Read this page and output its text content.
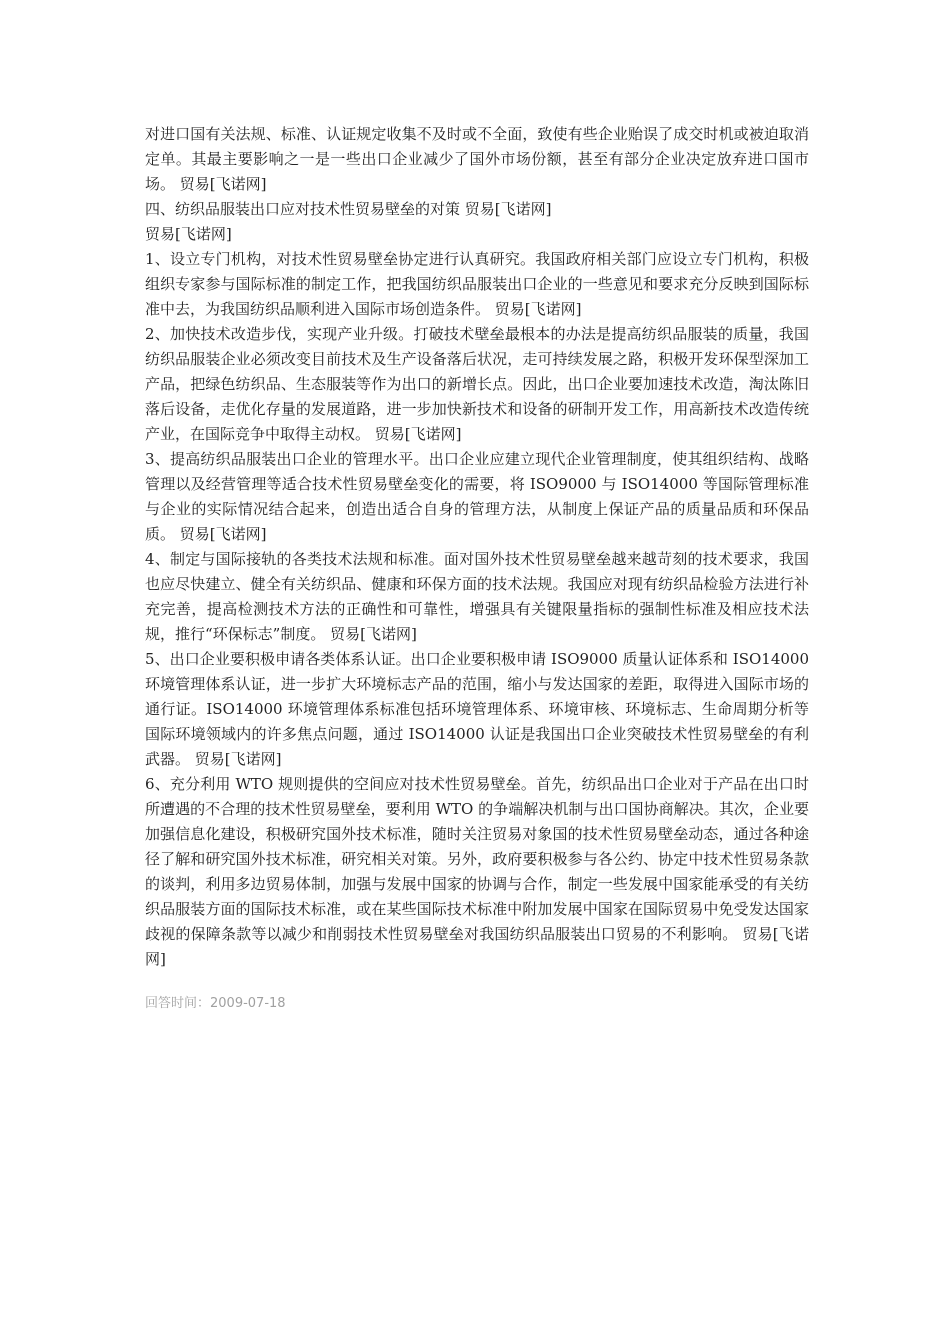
对进口国有关法规、标准、认证规定收集不及时或不全面，致使有些企业贻误了成交时机或被迫取消定单。其最主要影响之一是一些出口企业减少了国外市场份额，甚至有部分企业决定放弃进口国市场。 贸易[飞诺网]

四、纺织品服装出口应对技术性贸易壁垒的对策 贸易[飞诺网]

贸易[飞诺网]

1、设立专门机构，对技术性贸易壁垒协定进行认真研究。我国政府相关部门应设立专门机构，积极组织专家参与国际标准的制定工作，把我国纺织品服装出口企业的一些意见和要求充分反映到国际标准中去，为我国纺织品顺利进入国际市场创造条件。 贸易[飞诺网]

2、加快技术改造步伐，实现产业升级。打破技术壁垒最根本的办法是提高纺织品服装的质量，我国纺织品服装企业必须改变目前技术及生产设备落后状况，走可持续发展之路，积极开发环保型深加工产品，把绿色纺织品、生态服装等作为出口的新增长点。因此，出口企业要加速技术改造，淘汰陈旧落后设备，走优化存量的发展道路，进一步加快新技术和设备的研制开发工作，用高新技术改造传统产业，在国际竞争中取得主动权。 贸易[飞诺网]

3、提高纺织品服装出口企业的管理水平。出口企业应建立现代企业管理制度，使其组织结构、战略管理以及经营管理等适合技术性贸易壁垒变化的需要，将 ISO9000 与 ISO14000 等国际管理标准与企业的实际情况结合起来，创造出适合自身的管理方法，从制度上保证产品的质量品质和环保品质。 贸易[飞诺网]

4、制定与国际接轨的各类技术法规和标准。面对国外技术性贸易壁垒越来越苛刻的技术要求，我国也应尽快建立、健全有关纺织品、健康和环保方面的技术法规。我国应对现有纺织品检验方法进行补充完善，提高检测技术方法的正确性和可靠性，增强具有关键限量指标的强制性标准及相应技术法规，推行“环保标志”制度。 贸易[飞诺网]

5、出口企业要积极申请各类体系认证。出口企业要积极申请 ISO9000 质量认证体系和 ISO14000 环境管理体系认证，进一步扩大环境标志产品的范围，缩小与发达国家的差距，取得进入国际市场的通行证。ISO14000 环境管理体系标准包括环境管理体系、环境审核、环境标志、生命周期分析等国际环境领域内的许多焦点问题，通过 ISO14000 认证是我国出口企业突破技术性贸易壁垒的有利武器。 贸易[飞诺网]

6、充分利用 WTO 规则提供的空间应对技术性贸易壁垒。首先，纺织品出口企业对于产品在出口时所遭遇的不合理的技术性贸易壁垒，要利用 WTO 的争端解决机制与出口国协商解决。其次，企业要加强信息化建设，积极研究国外技术标准，随时关注贸易对象国的技术性贸易壁垒动态，通过各种途径了解和研究国外技术标准，研究相关对策。另外，政府要积极参与各公约、协定中技术性贸易条款的谈判，利用多边贸易体制，加强与发展中国家的协调与合作，制定一些发展中国家能承受的有关纺织品服装方面的国际技术标准，或在某些国际技术标准中附加发展中国家在国际贸易中免受发达国家歧视的保障条款等以减少和削弱技术性贸易壁垒对我国纺织品服装出口贸易的不利影响。 贸易[飞诺网]

回答时间：2009-07-18
